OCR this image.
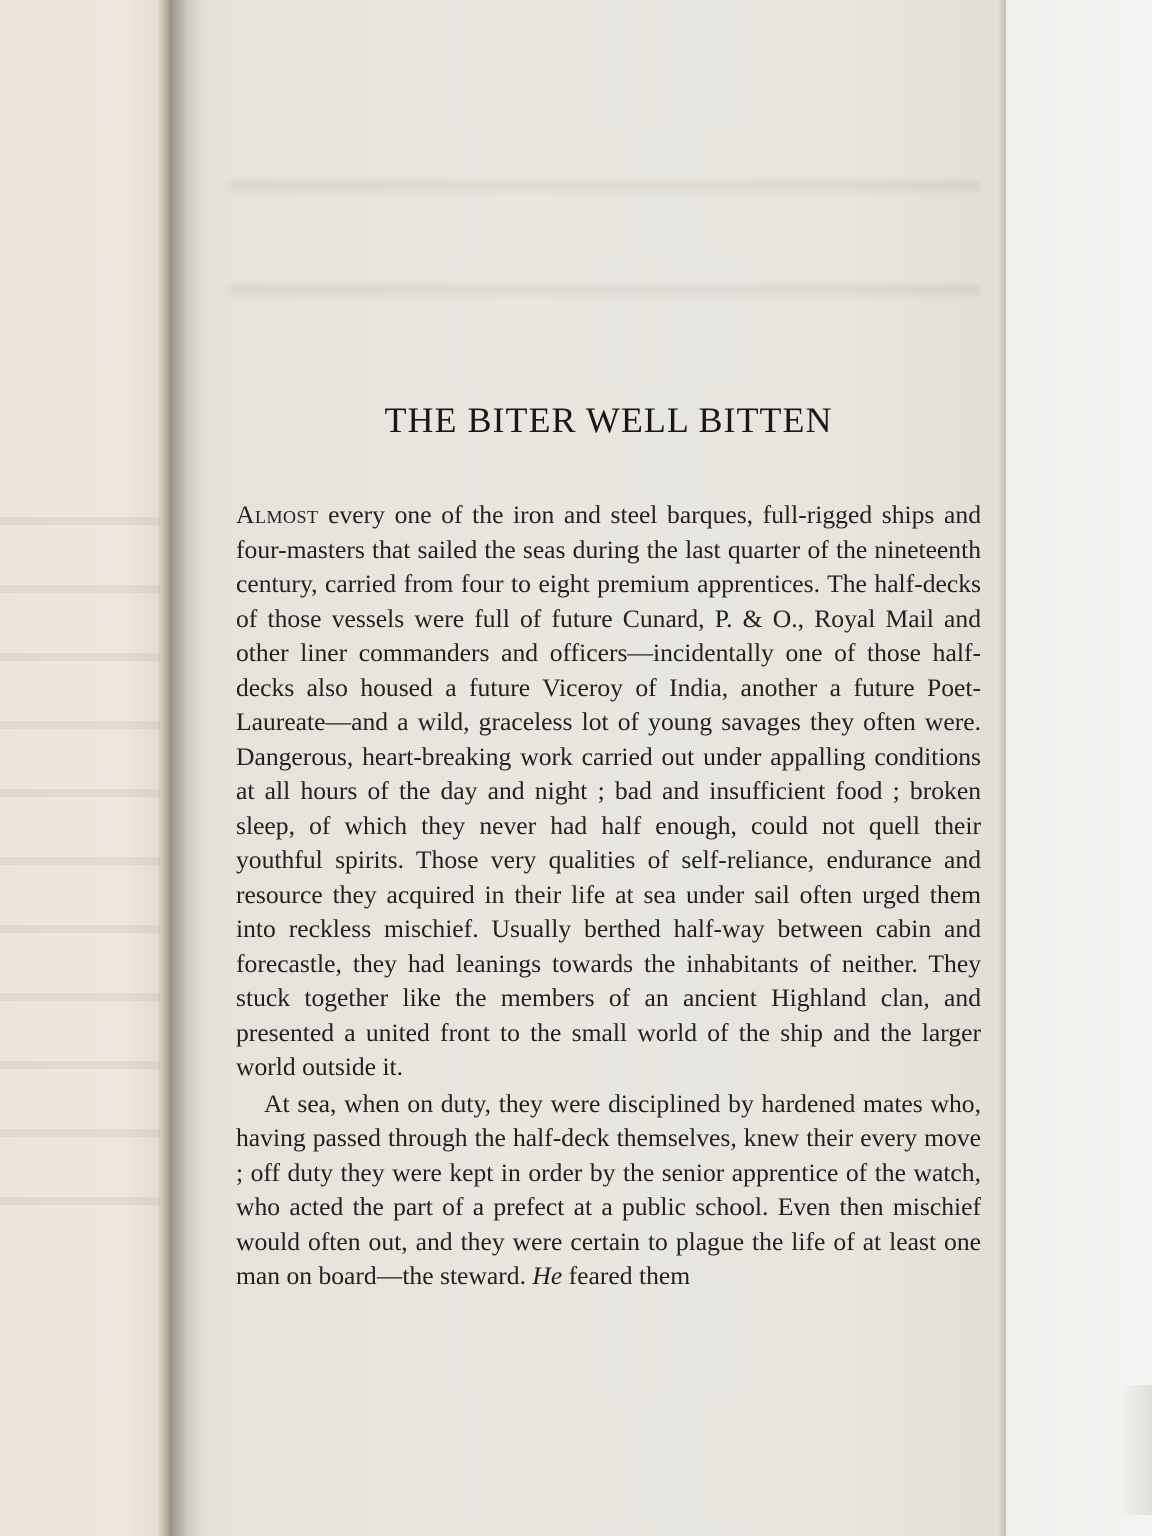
THE BITER WELL BITTEN

Almost every one of the iron and steel barques, full-rigged ships and four-masters that sailed the seas during the last quarter of the nineteenth century, carried from four to eight premium apprentices. The half-decks of those vessels were full of future Cunard, P. & O., Royal Mail and other liner commanders and officers—incidentally one of those half-decks also housed a future Viceroy of India, another a future Poet-Laureate—and a wild, graceless lot of young savages they often were. Dangerous, heart-breaking work carried out under appalling conditions at all hours of the day and night ; bad and insufficient food ; broken sleep, of which they never had half enough, could not quell their youthful spirits. Those very qualities of self-reliance, endurance and resource they acquired in their life at sea under sail often urged them into reckless mischief. Usually berthed half-way between cabin and forecastle, they had leanings towards the inhabitants of neither. They stuck together like the members of an ancient Highland clan, and presented a united front to the small world of the ship and the larger world outside it.

At sea, when on duty, they were disciplined by hardened mates who, having passed through the half-deck themselves, knew their every move ; off duty they were kept in order by the senior apprentice of the watch, who acted the part of a prefect at a public school. Even then mischief would often out, and they were certain to plague the life of at least one man on board—the steward. He feared them
